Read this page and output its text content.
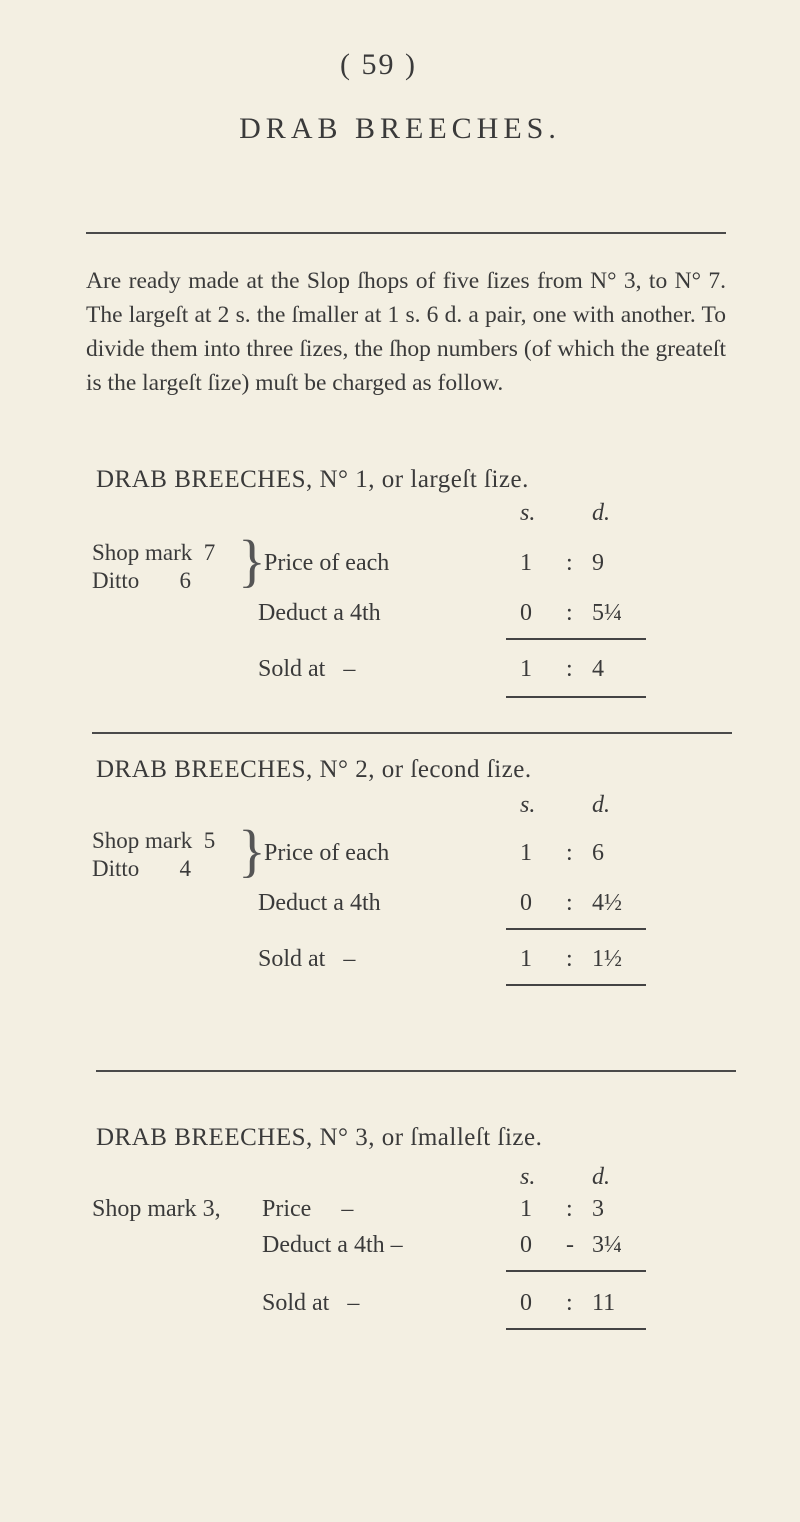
( 59 )
DRAB BREECHES.

Are ready made at the Slop ſhops of five ſizes from N° 3, to N° 7. The largeſt at 2 s. the ſmaller at 1 s. 6 d. a pair, one with another. To divide them into three ſizes, the ſhop numbers (of which the greateſt is the largeſt ſize) muſt be charged as follow.

DRAB BREECHES, N° 1, or largeſt ſize.
s. d.
Shop mark  7
Ditto       6 }
Price of each	1 : 9
Deduct a 4th	0 : 5¼
Sold at   –	1 : 4
DRAB BREECHES, N° 2, or ſecond ſize.
s. d.
Shop mark  5
Ditto       4 }
Price of each	1 : 6
Deduct a 4th	0 : 4½
Sold at   –	1 : 1½
DRAB BREECHES, N° 3, or ſmalleſt ſize.
s. d.
Shop mark 3, Price     –	1 : 3
Deduct a 4th –	0 - 3¼
Sold at   –	0 : 11
